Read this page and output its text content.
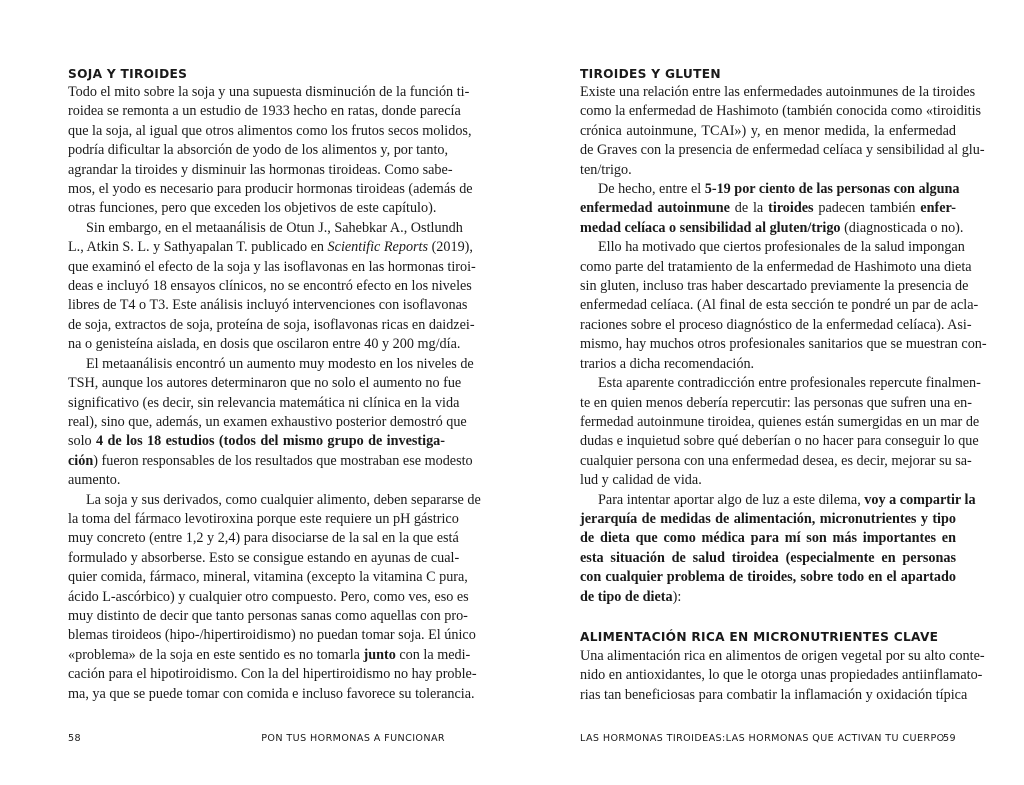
SOJA Y TIROIDES
Todo el mito sobre la soja y una supuesta disminución de la función ti-
roidea se remonta a un estudio de 1933 hecho en ratas, donde parecía
que la soja, al igual que otros alimentos como los frutos secos molidos,
podría dificultar la absorción de yodo de los alimentos y, por tanto,
agrandar la tiroides y disminuir las hormonas tiroideas. Como sabe-
mos, el yodo es necesario para producir hormonas tiroideas (además de
otras funciones, pero que exceden los objetivos de este capítulo).
Sin embargo, en el metaanálisis de Otun J., Sahebkar A., Ostlundh
L., Atkin S. L. y Sathyapalan T. publicado en Scientific Reports (2019),
que examinó el efecto de la soja y las isoflavonas en las hormonas tiroi-
deas e incluyó 18 ensayos clínicos, no se encontró efecto en los niveles
libres de T4 o T3. Este análisis incluyó intervenciones con isoflavonas
de soja, extractos de soja, proteína de soja, isoflavonas ricas en daidzei-
na o genisteína aislada, en dosis que oscilaron entre 40 y 200 mg/día.
El metaanálisis encontró un aumento muy modesto en los niveles de
TSH, aunque los autores determinaron que no solo el aumento no fue
significativo (es decir, sin relevancia matemática ni clínica en la vida
real), sino que, además, un examen exhaustivo posterior demostró que
solo 4 de los 18 estudios (todos del mismo grupo de investiga-
ción) fueron responsables de los resultados que mostraban ese modesto
aumento.
La soja y sus derivados, como cualquier alimento, deben separarse de
la toma del fármaco levotiroxina porque este requiere un pH gástrico
muy concreto (entre 1,2 y 2,4) para disociarse de la sal en la que está
formulado y absorberse. Esto se consigue estando en ayunas de cual-
quier comida, fármaco, mineral, vitamina (excepto la vitamina C pura,
ácido L-ascórbico) y cualquier otro compuesto. Pero, como ves, eso es
muy distinto de decir que tanto personas sanas como aquellas con pro-
blemas tiroideos (hipo-/hipertiroidismo) no puedan tomar soja. El único
«problema» de la soja en este sentido es no tomarla junto con la medi-
cación para el hipotiroidismo. Con la del hipertiroidismo no hay proble-
ma, ya que se puede tomar con comida e incluso favorece su tolerancia.
58	PON TUS HORMONAS A FUNCIONAR
TIROIDES Y GLUTEN
Existe una relación entre las enfermedades autoinmunes de la tiroides
como la enfermedad de Hashimoto (también conocida como «tiroiditis
crónica autoinmune, TCAI») y, en menor medida, la enfermedad
de Graves con la presencia de enfermedad celíaca y sensibilidad al glu-
ten/trigo.
De hecho, entre el 5-19 por ciento de las personas con alguna
enfermedad autoinmune de la tiroides padecen también enfer-
medad celíaca o sensibilidad al gluten/trigo (diagnosticada o no).
Ello ha motivado que ciertos profesionales de la salud impongan
como parte del tratamiento de la enfermedad de Hashimoto una dieta
sin gluten, incluso tras haber descartado previamente la presencia de
enfermedad celíaca. (Al final de esta sección te pondré un par de acla-
raciones sobre el proceso diagnóstico de la enfermedad celíaca). Asi-
mismo, hay muchos otros profesionales sanitarios que se muestran con-
trarios a dicha recomendación.
Esta aparente contradicción entre profesionales repercute finalmen-
te en quien menos debería repercutir: las personas que sufren una en-
fermedad autoinmune tiroidea, quienes están sumergidas en un mar de
dudas e inquietud sobre qué deberían o no hacer para conseguir lo que
cualquier persona con una enfermedad desea, es decir, mejorar su sa-
lud y calidad de vida.
Para intentar aportar algo de luz a este dilema, voy a compartir la
jerarquía de medidas de alimentación, micronutrientes y tipo
de dieta que como médica para mí son más importantes en
esta situación de salud tiroidea (especialmente en personas
con cualquier problema de tiroides, sobre todo en el apartado
de tipo de dieta):
ALIMENTACIÓN RICA EN MICRONUTRIENTES CLAVE
Una alimentación rica en alimentos de origen vegetal por su alto conte-
nido en antioxidantes, lo que le otorga unas propiedades antiinflamato-
rias tan beneficiosas para combatir la inflamación y oxidación típica
LAS HORMONAS TIROIDEAS:LAS HORMONAS QUE ACTIVAN TU CUERPO
59
